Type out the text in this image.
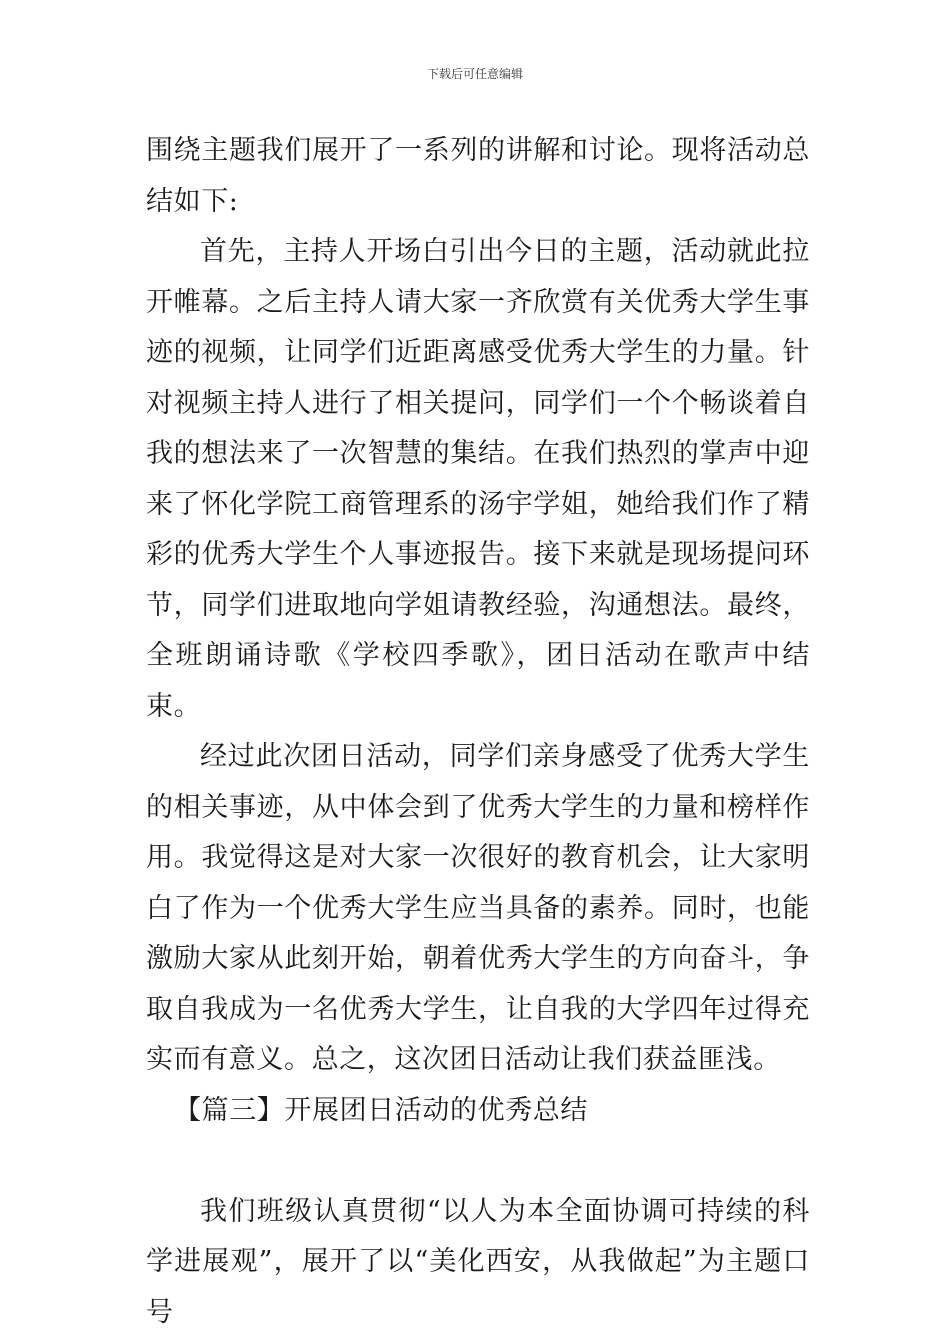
下载后可任意编辑

围绕主题我们展开了一系列的讲解和讨论。现将活动总结如下:

首先，主持人开场白引出今日的主题，活动就此拉开帷幕。之后主持人请大家一齐欣赏有关优秀大学生事迹的视频，让同学们近距离感受优秀大学生的力量。针对视频主持人进行了相关提问，同学们一个个畅谈着自我的想法来了一次智慧的集结。在我们热烈的掌声中迎来了怀化学院工商管理系的汤宇学姐，她给我们作了精彩的优秀大学生个人事迹报告。接下来就是现场提问环节，同学们进取地向学姐请教经验，沟通想法。最终，全班朗诵诗歌《学校四季歌》，团日活动在歌声中结束。

经过此次团日活动，同学们亲身感受了优秀大学生的相关事迹，从中体会到了优秀大学生的力量和榜样作用。我觉得这是对大家一次很好的教育机会，让大家明白了作为一个优秀大学生应当具备的素养。同时，也能激励大家从此刻开始，朝着优秀大学生的方向奋斗，争取自我成为一名优秀大学生，让自我的大学四年过得充实而有意义。总之，这次团日活动让我们获益匪浅。

【篇三】开展团日活动的优秀总结

我们班级认真贯彻“以人为本全面协调可持续的科学进展观”，展开了以“美化西安，从我做起”为主题口号
